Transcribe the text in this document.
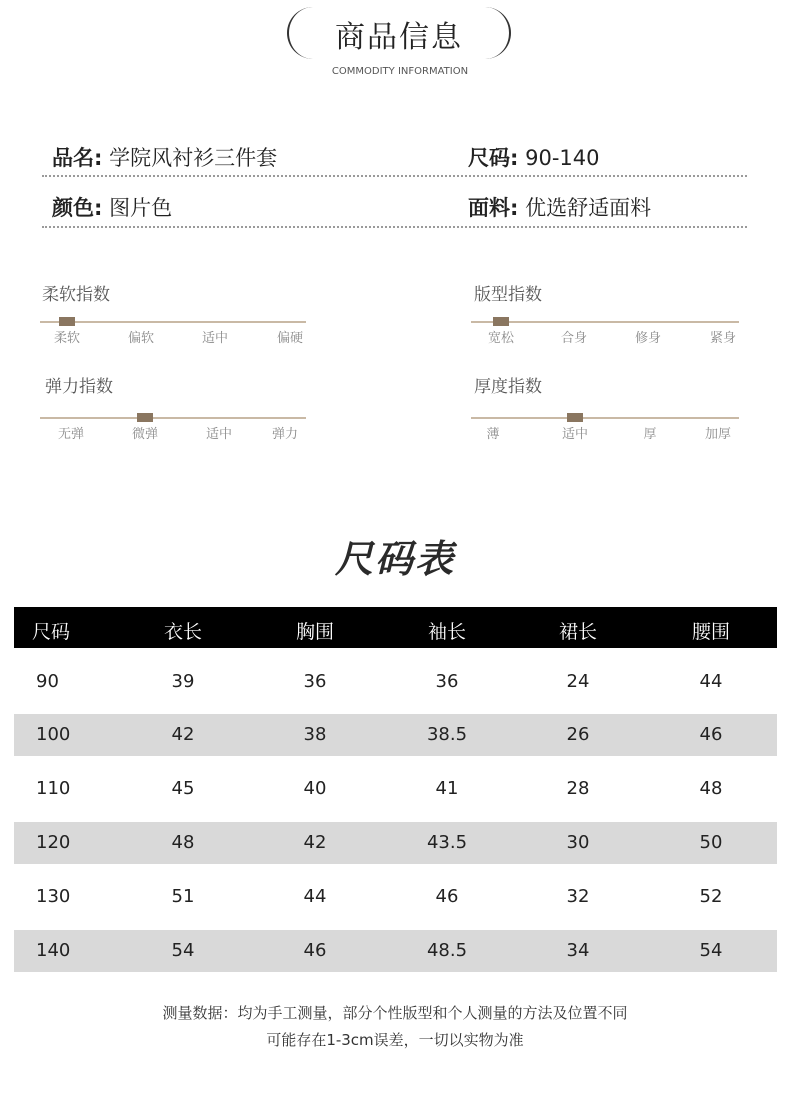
商品信息
COMMODITY INFORMATION
品名: 学院风衬衫三件套	尺码: 90-140
颜色: 图片色	面料: 优选舒适面料
柔软指数
柔软	偏软	适中	偏硬
版型指数
宽松	合身	修身	紧身
弹力指数
无弹	微弹	适中	弹力
厚度指数
薄	适中	厚	加厚
尺码表
尺码	衣长	胸围	袖长	裙长	腰围
90	39	36	36	24	44
100	42	38	38.5	26	46
110	45	40	41	28	48
120	48	42	43.5	30	50
130	51	44	46	32	52
140	54	46	48.5	34	54
测量数据：均为手工测量，部分个性版型和个人测量的方法及位置不同
可能存在1-3cm误差，一切以实物为准
